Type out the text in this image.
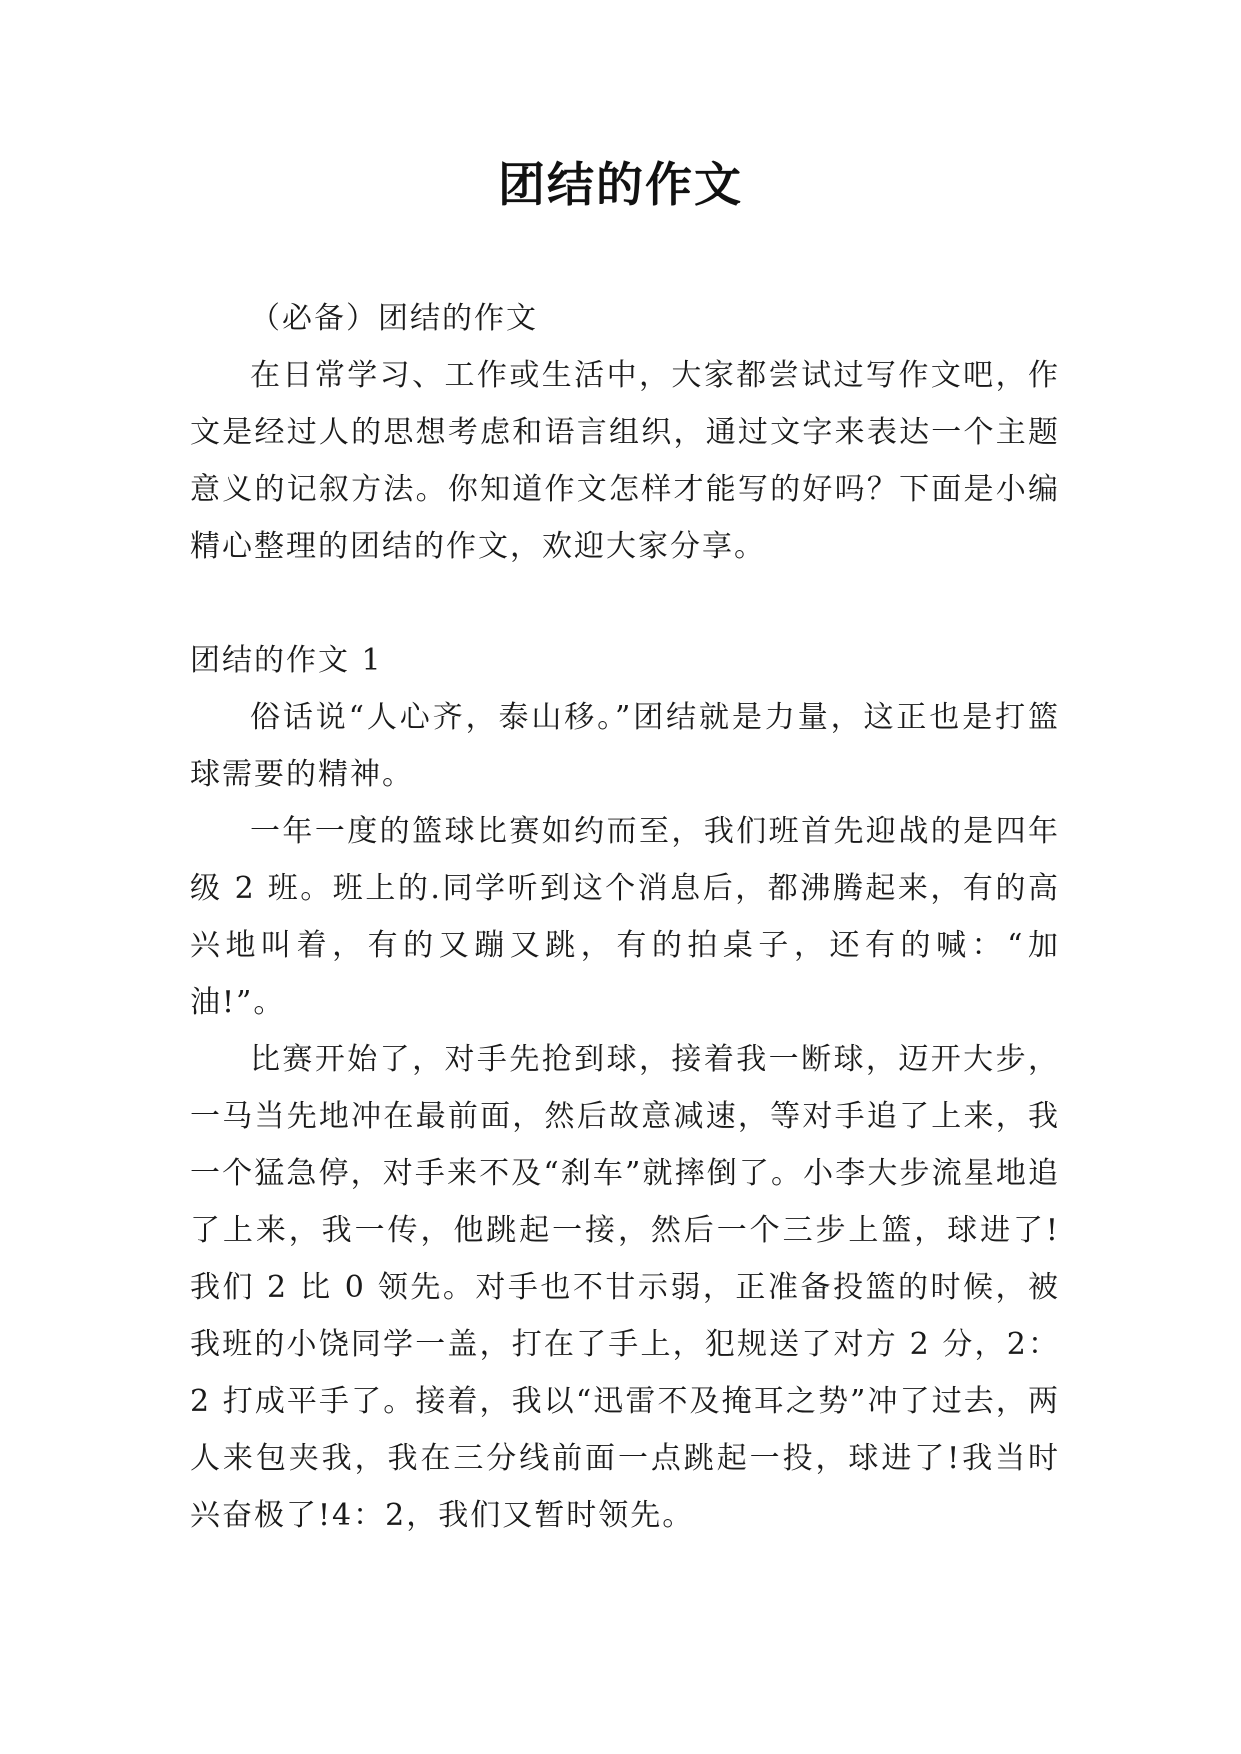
团结的作文

（必备）团结的作文

在日常学习、工作或生活中，大家都尝试过写作文吧，作文是经过人的思想考虑和语言组织，通过文字来表达一个主题意义的记叙方法。你知道作文怎样才能写的好吗？下面是小编精心整理的团结的作文，欢迎大家分享。

团结的作文 1

俗话说“人心齐，泰山移。”团结就是力量，这正也是打篮球需要的精神。

一年一度的篮球比赛如约而至，我们班首先迎战的是四年级 2 班。班上的.同学听到这个消息后，都沸腾起来，有的高兴地叫着，有的又蹦又跳，有的拍桌子，还有的喊：“加油!”。

比赛开始了，对手先抢到球，接着我一断球，迈开大步，一马当先地冲在最前面，然后故意减速，等对手追了上来，我一个猛急停，对手来不及“刹车”就摔倒了。小李大步流星地追了上来，我一传，他跳起一接，然后一个三步上篮，球进了!我们 2 比 0 领先。对手也不甘示弱，正准备投篮的时候，被我班的小饶同学一盖，打在了手上，犯规送了对方 2 分，2：2 打成平手了。接着，我以“迅雷不及掩耳之势”冲了过去，两人来包夹我，我在三分线前面一点跳起一投，球进了!我当时兴奋极了!4：2，我们又暂时领先。
